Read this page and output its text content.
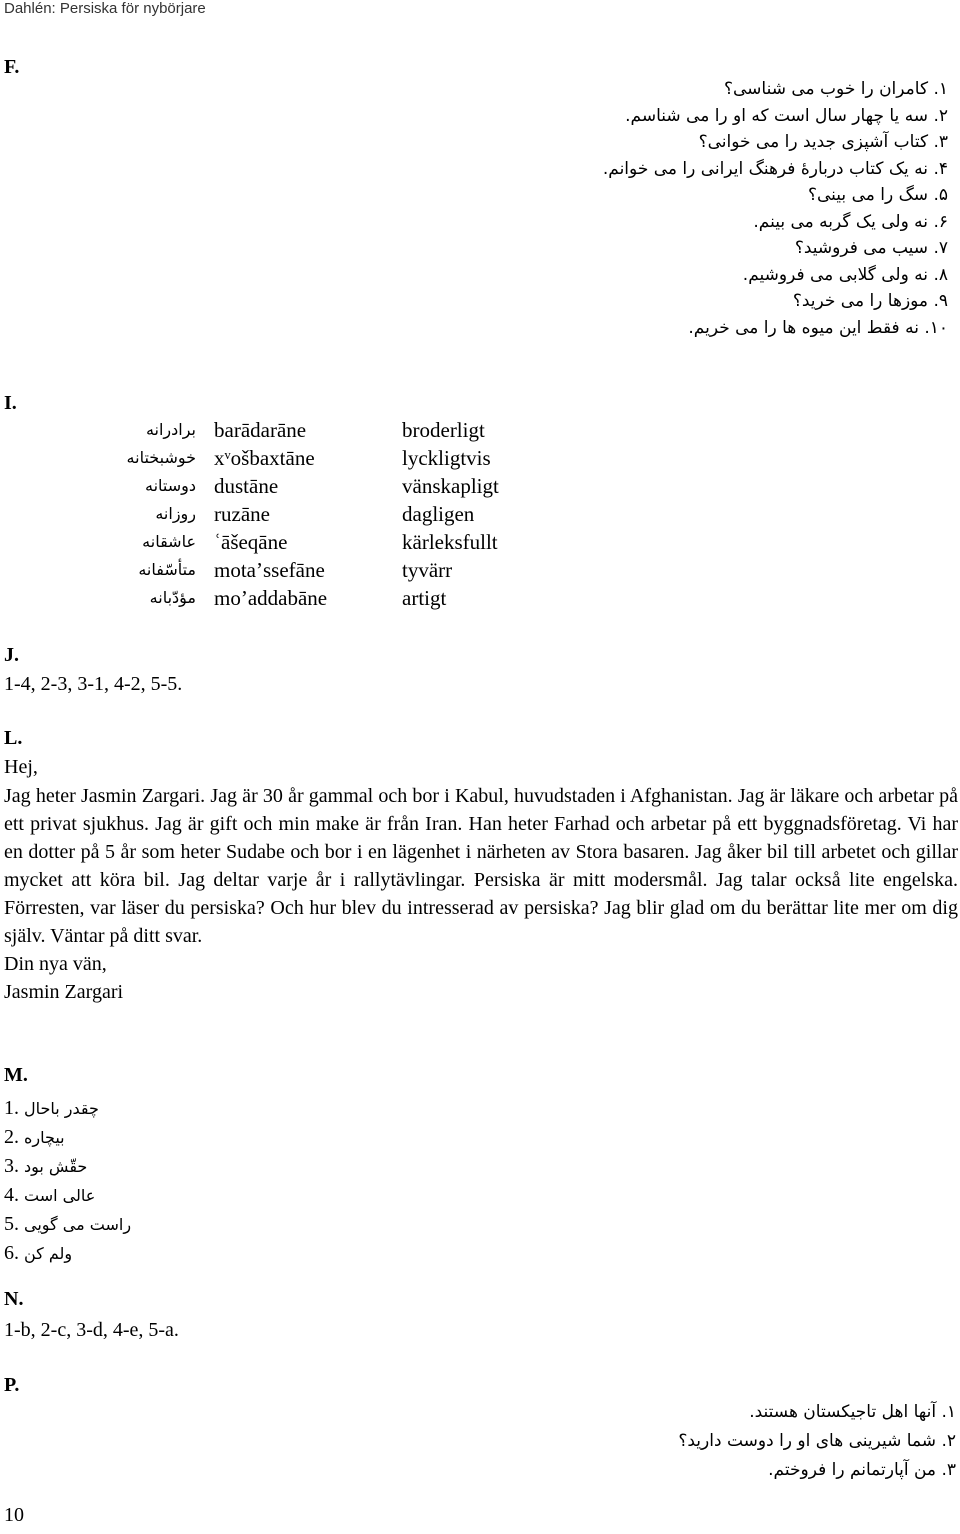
Dahlén: Persiska för nybörjare
F.
۱. کامران را خوب می شناسی؟
۲. سه یا چهار سال است که او را می شناسم.
۳. کتاب آشپزی جدید را می خوانی؟
۴. نه یک کتاب دربارۀ فرهنگ ایرانی را می خوانم.
۵. سگ را می بینی؟
۶. نه ولی یک گربه می بینم.
۷. سیب می فروشید؟
۸. نه ولی گلابی می فروشیم.
۹. موزها را می خرید؟
۱۰. نه فقط این میوه ها را می خریم.
I.
برادرانه barādarāne	broderligt
خوشبختانه xᵛošbaxtāne	lyckligtvis
دوستانه dustāne	vänskapligt
روزانه ruzāne	dagligen
عاشقانه ʿāšeqāne	kärleksfullt
متأسّفانه motaʼssefāne	tyvärr
مؤدّبانه moʼaddabāne	artigt
J.
1-4, 2-3, 3-1, 4-2, 5-5.
L.
Hej,

Jag heter Jasmin Zargari. Jag är 30 år gammal och bor i Kabul, huvudstaden i Afghanistan. Jag är läkare och arbetar på ett privat sjukhus. Jag är gift och min make är från Iran. Han heter Farhad och arbetar på ett byggnadsföretag. Vi har en dotter på 5 år som heter Sudabe och bor i en lägenhet i närheten av Stora basaren. Jag åker bil till arbetet och gillar mycket att köra bil. Jag deltar varje år i rallytävlingar. Persiska är mitt modersmål. Jag talar också lite engelska. Förresten, var läser du persiska? Och hur blev du intresserad av persiska? Jag blir glad om du berättar lite mer om dig själv. Väntar på ditt svar.

Din nya vän,

Jasmin Zargari

M.
1. چقدر باحال
2. بیچاره
3. حقّش بود
4. عالی است
5. راست می گویی
6. ولم کن
N.
1-b, 2-c, 3-d, 4-e, 5-a.
P.
۱. آنها اهل تاجیکستان هستند.
۲. شما شیرینی های او را دوست دارید؟
۳. من آپارتمانم را فروختم.
10
